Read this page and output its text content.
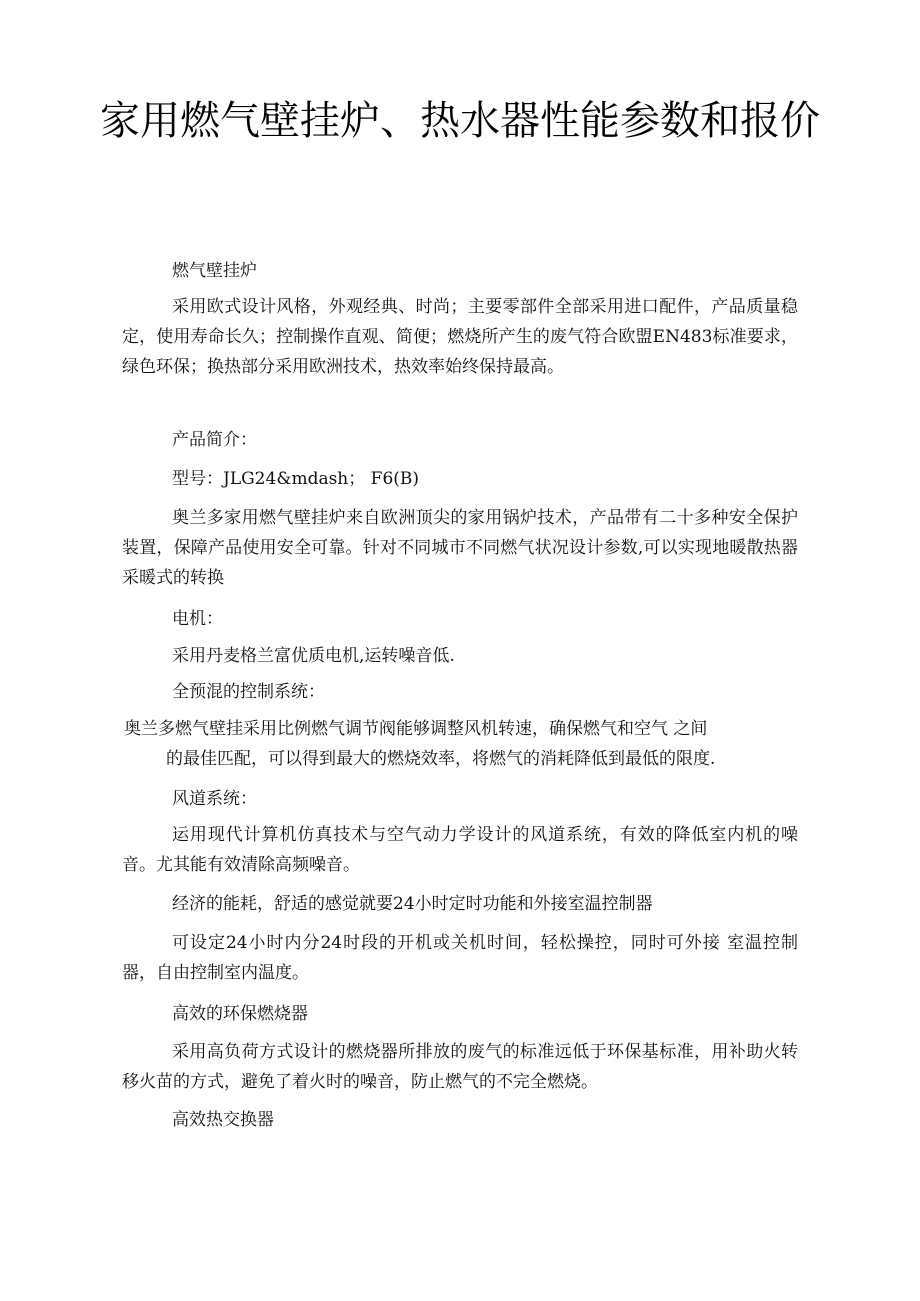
家用燃气壁挂炉、热水器性能参数和报价

燃气壁挂炉

采用欧式设计风格，外观经典、时尚；主要零部件全部采用进口配件，产品质量稳定，使用寿命长久；控制操作直观、简便；燃烧所产生的废气符合欧盟EN483标准要求，绿色环保；换热部分采用欧洲技术，热效率始终保持最高。

产品简介：

型号：JLG24&mdash； F6(B)

奥兰多家用燃气壁挂炉来自欧洲顶尖的家用锅炉技术，产品带有二十多种安全保护装置，保障产品使用安全可靠。针对不同城市不同燃气状况设计参数,可以实现地暖散热器采暖式的转换

电机：

采用丹麦格兰富优质电机,运转噪音低.

全预混的控制系统：

奥兰多燃气壁挂采用比例燃气调节阀能够调整风机转速，确保燃气和空气 之间
的最佳匹配，可以得到最大的燃烧效率，将燃气的消耗降低到最低的限度.

风道系统：

运用现代计算机仿真技术与空气动力学设计的风道系统，有效的降低室内机的噪音。尤其能有效清除高频噪音。

经济的能耗，舒适的感觉就要24小时定时功能和外接室温控制器

可设定24小时内分24时段的开机或关机时间，轻松操控，同时可外接 室温控制器，自由控制室内温度。

高效的环保燃烧器

采用高负荷方式设计的燃烧器所排放的废气的标准远低于环保基标准，用补助火转移火苗的方式，避免了着火时的噪音，防止燃气的不完全燃烧。

高效热交换器
